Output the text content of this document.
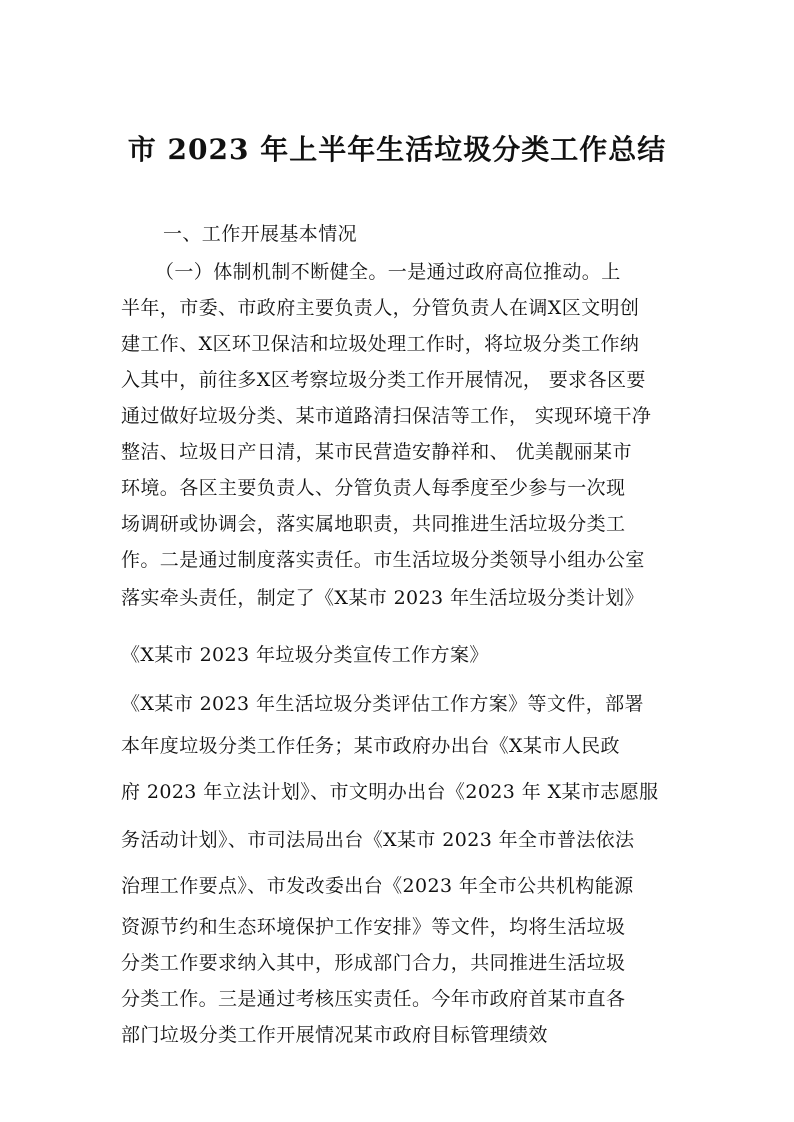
市 2023 年上半年生活垃圾分类工作总结
一、工作开展基本情况
（一）体制机制不断健全。一是通过政府高位推动。上
半年，市委、市政府主要负责人，分管负责人在调X区文明创
建工作、X区环卫保洁和垃圾处理工作时，将垃圾分类工作纳
入其中，前往多X区考察垃圾分类工作开展情况， 要求各区要
通过做好垃圾分类、某市道路清扫保洁等工作， 实现环境干净
整洁、垃圾日产日清，某市民营造安静祥和、 优美靓丽某市
环境。各区主要负责人、分管负责人每季度至少参与一次现
场调研或协调会，落实属地职责，共同推进生活垃圾分类工
作。二是通过制度落实责任。市生活垃圾分类领导小组办公室
落实牵头责任，制定了《X某市 2023 年生活垃圾分类计划》
《X某市 2023 年垃圾分类宣传工作方案》
《X某市 2023 年生活垃圾分类评估工作方案》等文件，部署
本年度垃圾分类工作任务；某市政府办出台《X某市人民政
府 2023 年立法计划》、市文明办出台《2023 年 X某市志愿服
务活动计划》、市司法局出台《X某市 2023 年全市普法依法
治理工作要点》、市发改委出台《2023 年全市公共机构能源
资源节约和生态环境保护工作安排》等文件，均将生活垃圾
分类工作要求纳入其中，形成部门合力，共同推进生活垃圾
分类工作。三是通过考核压实责任。今年市政府首某市直各
部门垃圾分类工作开展情况某市政府目标管理绩效
